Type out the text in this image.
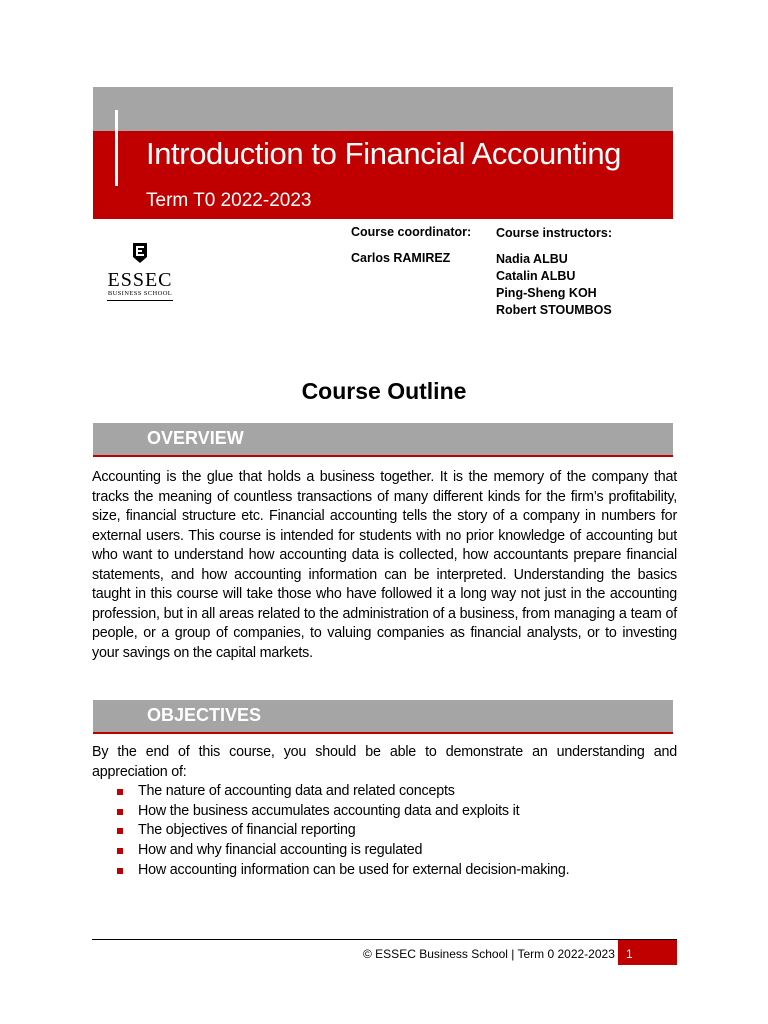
Introduction to Financial Accounting
Term T0 2022-2023
ESSEC
BUSINESS SCHOOL
Course coordinator:
Carlos RAMIREZ
Course instructors:
Nadia ALBU
Catalin ALBU
Ping-Sheng KOH
Robert STOUMBOS
Course Outline
OVERVIEW

Accounting is the glue that holds a business together. It is the memory of the company that tracks the meaning of countless transactions of many different kinds for the firm’s profitability, size, financial structure etc. Financial accounting tells the story of a company in numbers for external users. This course is intended for students with no prior knowledge of accounting but who want to understand how accounting data is collected, how accountants prepare financial statements, and how accounting information can be interpreted. Understanding the basics taught in this course will take those who have followed it a long way not just in the accounting profession, but in all areas related to the administration of a business, from managing a team of people, or a group of companies, to valuing companies as financial analysts, or to investing your savings on the capital markets.

OBJECTIVES

By the end of this course, you should be able to demonstrate an understanding and appreciation of:

The nature of accounting data and related concepts
How the business accumulates accounting data and exploits it
The objectives of financial reporting
How and why financial accounting is regulated
How accounting information can be used for external decision-making.
© ESSEC Business School | Term 0 2022-2023 1
